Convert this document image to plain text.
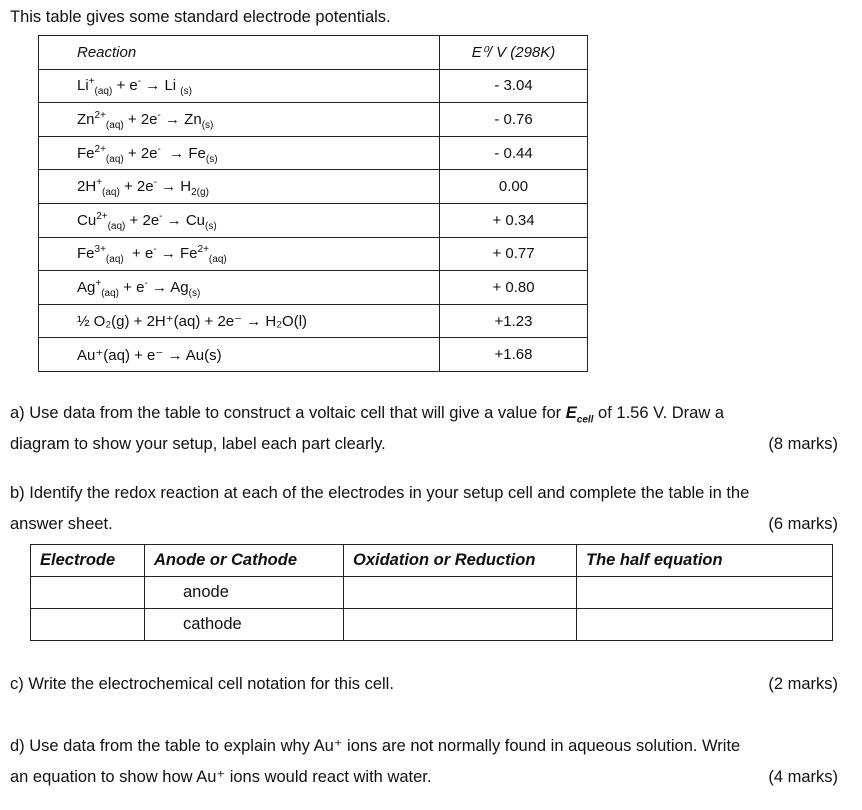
This table gives some standard electrode potentials.
Reaction	E⁰/ V (298K)
$Li^+_{(aq)} + e^- \to Li$ $_{(s)}$	- 3.04
$Zn^{2+}_{(aq)} + 2e^- \to Zn_{(s)}$	- 0.76
$Fe^{2+}_{(aq)} + 2e^- \to Fe_{(s)}$	- 0.44
$2H^+_{(aq)} + 2e^- \to H_{2(g)}$	0.00
$Cu^{2+}_{(aq)} + 2e^- \to Cu_{(s)}$	+ 0.34
$Fe^{3+}_{(aq)} + e^- \to Fe^{2+}_{(aq)}$	+ 0.77
$Ag^+_{(aq)} + e^- \to Ag_{(s)}$	+ 0.80
½ O₂(g) + 2H⁺(aq) + 2e⁻ → H₂O(l)	+1.23
Au⁺(aq) + e⁻ → Au(s)	+1.68
a) Use data from the table to construct a voltaic cell that will give a value for $E_{cell}$ of 1.56 V. Draw a
diagram to show your setup, label each part clearly.	(8 marks)
b) Identify the redox reaction at each of the electrodes in your setup cell and complete the table in the
answer sheet.	(6 marks)
Electrode	Anode or Cathode	Oxidation or Reduction	The half equation
	anode		
	cathode		
c) Write the electrochemical cell notation for this cell.	(2 marks)
d) Use data from the table to explain why Au⁺ ions are not normally found in aqueous solution. Write
an equation to show how Au⁺ ions would react with water.	(4 marks)
